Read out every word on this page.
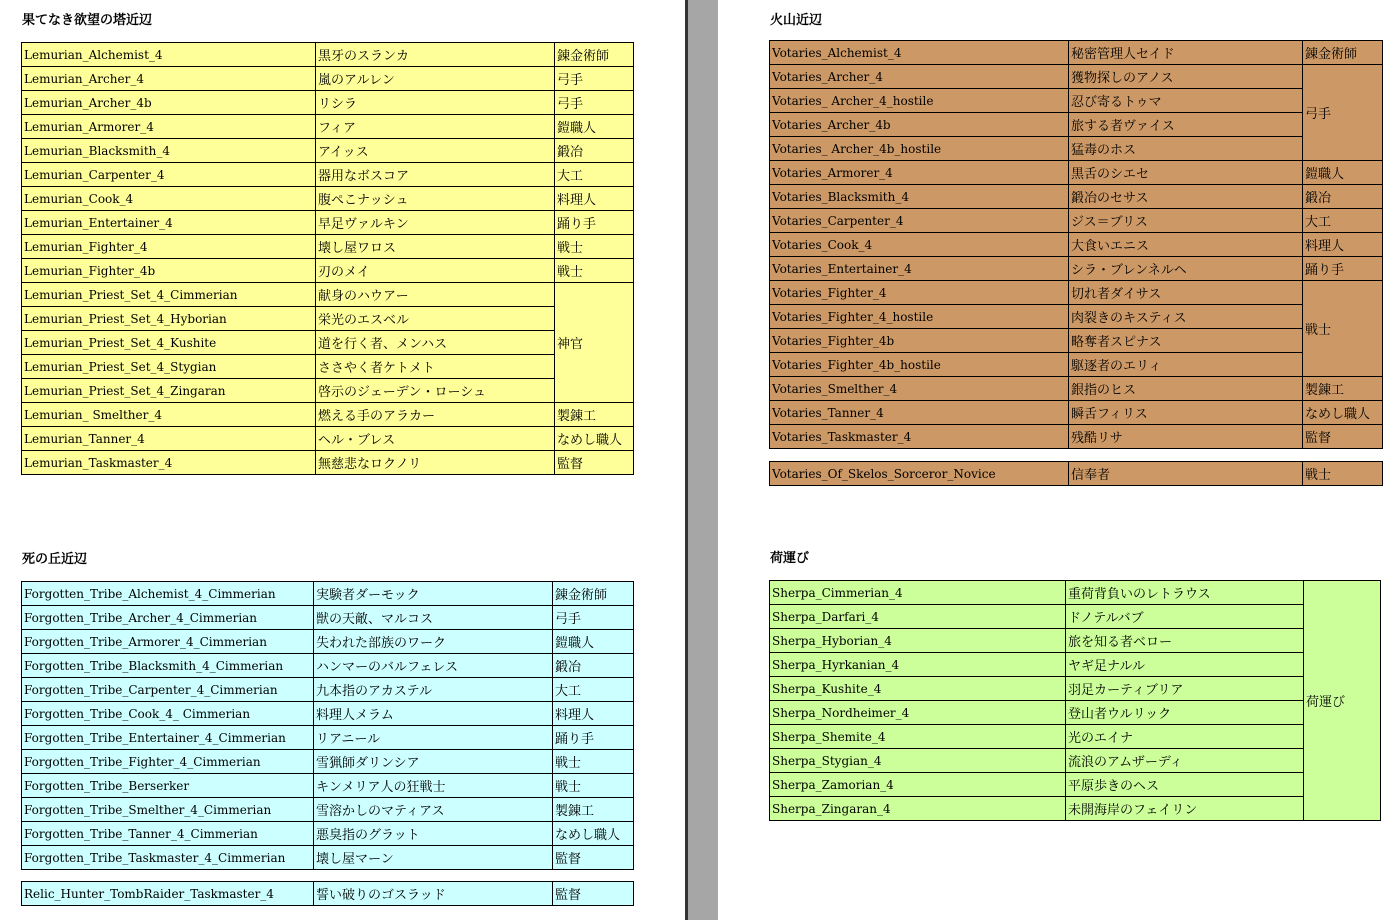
果てなき欲望の塔近辺
死の丘近辺
火山近辺
荷運び
Lemurian_Alchemist_4	黒牙のスランカ	錬金術師
Lemurian_Archer_4	嵐のアルレン	弓手
Lemurian_Archer_4b	リシラ	弓手
Lemurian_Armorer_4	フィア	鎧職人
Lemurian_Blacksmith_4	アイッス	鍛冶
Lemurian_Carpenter_4	器用なボスコア	大工
Lemurian_Cook_4	腹ペこナッシュ	料理人
Lemurian_Entertainer_4	早足ヴァルキン	踊り手
Lemurian_Fighter_4	壊し屋ワロス	戦士
Lemurian_Fighter_4b	刃のメイ	戦士
Lemurian_Priest_Set_4_Cimmerian	献身のハウアー	神官
Lemurian_Priest_Set_4_Hyborian	栄光のエスベル	
Lemurian_Priest_Set_4_Kushite	道を行く者、メンハス	
Lemurian_Priest_Set_4_Stygian	ささやく者ケトメト	
Lemurian_Priest_Set_4_Zingaran	啓示のジェーデン・ローシュ	
Lemurian_ Smelther_4	燃える手のアラカー	製錬工
Lemurian_Tanner_4	ヘル・ブレス	なめし職人
Lemurian_Taskmaster_4	無慈悲なロクノリ	監督
Forgotten_Tribe_Alchemist_4_Cimmerian	実験者ダーモック	錬金術師
Forgotten_Tribe_Archer_4_Cimmerian	獣の天敵、マルコス	弓手
Forgotten_Tribe_Armorer_4_Cimmerian	失われた部族のワーク	鎧職人
Forgotten_Tribe_Blacksmith_4_Cimmerian	ハンマーのバルフェレス	鍛冶
Forgotten_Tribe_Carpenter_4_Cimmerian	九本指のアカステル	大工
Forgotten_Tribe_Cook_4_ Cimmerian	料理人メラム	料理人
Forgotten_Tribe_Entertainer_4_Cimmerian	リアニール	踊り手
Forgotten_Tribe_Fighter_4_Cimmerian	雪猟師ダリンシア	戦士
Forgotten_Tribe_Berserker	キンメリア人の狂戦士	戦士
Forgotten_Tribe_Smelther_4_Cimmerian	雪溶かしのマティアス	製錬工
Forgotten_Tribe_Tanner_4_Cimmerian	悪臭指のグラット	なめし職人
Forgotten_Tribe_Taskmaster_4_Cimmerian	壊し屋マーン	監督
Relic_Hunter_TombRaider_Taskmaster_4	誓い破りのゴスラッド	監督
Votaries_Alchemist_4	秘密管理人セイド	錬金術師
Votaries_Archer_4	獲物探しのアノス	弓手
Votaries_ Archer_4_hostile	忍び寄るトゥマ	
Votaries_Archer_4b	旅する者ヴァイス	
Votaries_ Archer_4b_hostile	猛毒のホス	
Votaries_Armorer_4	黒舌のシエセ	鎧職人
Votaries_Blacksmith_4	鍛冶のセサス	鍛冶
Votaries_Carpenter_4	ジス＝ブリス	大工
Votaries_Cook_4	大食いエニス	料理人
Votaries_Entertainer_4	シラ・ブレンネルヘ	踊り手
Votaries_Fighter_4	切れ者ダイサス	戦士
Votaries_Fighter_4_hostile	肉裂きのキスティス	
Votaries_Fighter_4b	略奪者スピナス	
Votaries_Fighter_4b_hostile	駆逐者のエリィ	
Votaries_Smelther_4	銀指のヒス	製錬工
Votaries_Tanner_4	瞬舌フィリス	なめし職人
Votaries_Taskmaster_4	残酷リサ	監督
Votaries_Of_Skelos_Sorceror_Novice	信奉者	戦士
Sherpa_Cimmerian_4	重荷背負いのレトラウス	荷運び
Sherpa_Darfari_4	ドノテルバブ	
Sherpa_Hyborian_4	旅を知る者ベロー	
Sherpa_Hyrkanian_4	ヤギ足ナルル	
Sherpa_Kushite_4	羽足カーティブリア	
Sherpa_Nordheimer_4	登山者ウルリック	
Sherpa_Shemite_4	光のエイナ	
Sherpa_Stygian_4	流浪のアムザーディ	
Sherpa_Zamorian_4	平原歩きのヘス	
Sherpa_Zingaran_4	未開海岸のフェイリン	
